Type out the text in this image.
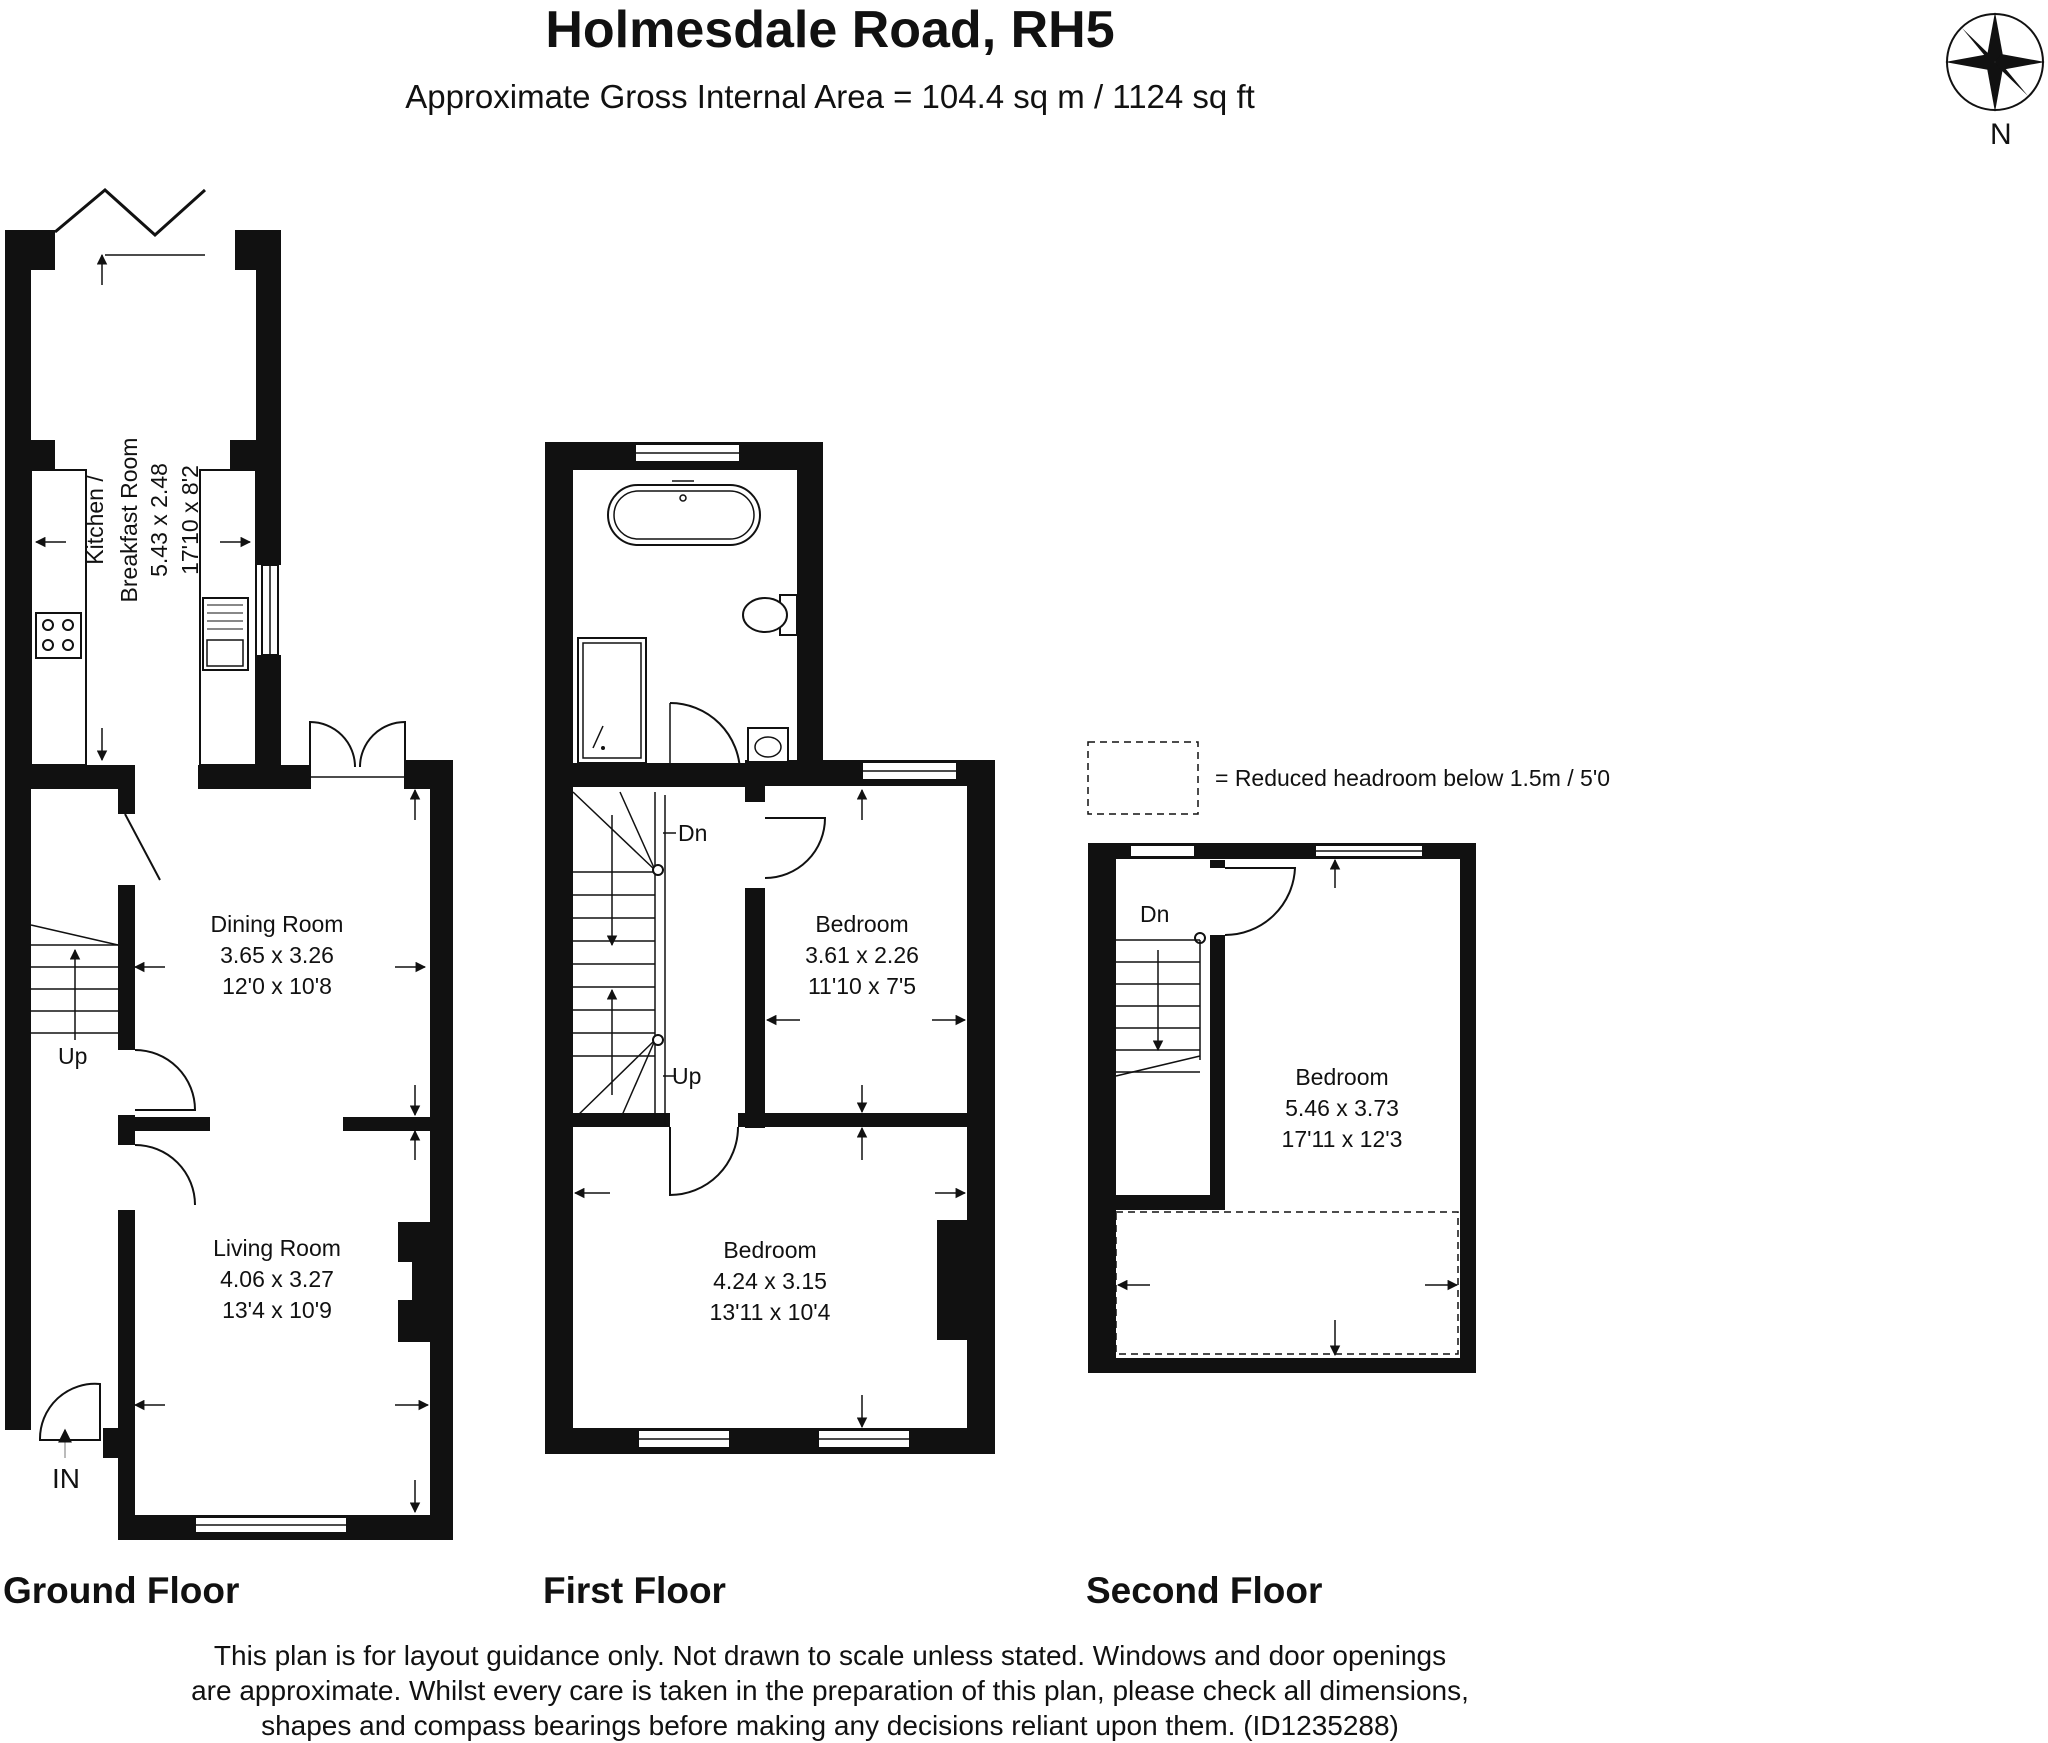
Holmesdale Road, RH5
Approximate Gross Internal Area = 104.4 sq m / 1124 sq ft
Kitchen / Breakfast Room 5.43 x 2.48 17'10 x 8'2
Dining Room
3.65 x 3.26
12'0 x 10'8
Living Room
4.06 x 3.27
13'4 x 10'9
Up
IN
Dn
Up
Bedroom
3.61 x 2.26
11'10 x 7'5
Bedroom
4.24 x 3.15
13'11 x 10'4
= Reduced headroom below 1.5m / 5'0
Dn
Bedroom
5.46 x 3.73
17'11 x 12'3
N
Ground Floor	First Floor	Second Floor
This plan is for layout guidance only. Not drawn to scale unless stated. Windows and door openings
are approximate. Whilst every care is taken in the preparation of this plan, please check all dimensions,
shapes and compass bearings before making any decisions reliant upon them. (ID1235288)
